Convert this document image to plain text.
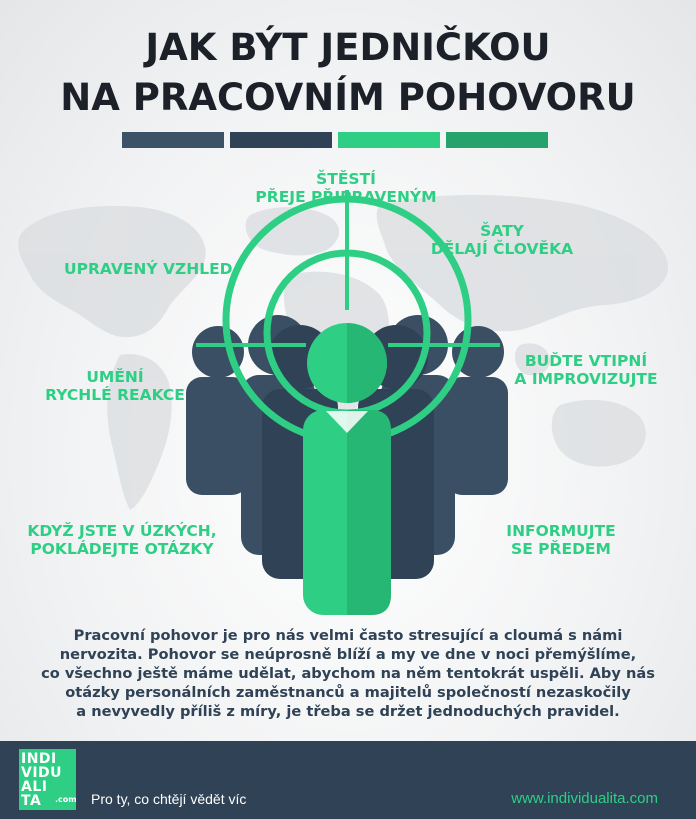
JAK BÝT JEDNIČKOU
NA PRACOVNÍM POHOVORU
ŠTĚSTÍ
PŘEJE PŘIPRAVENÝM
ŠATY
DĚLAJÍ ČLOVĚKA
UPRAVENÝ VZHLED
UMĚNÍ
RYCHLÉ REAKCE
BUĎTE VTIPNÍ
A IMPROVIZUJTE
KDYŽ JSTE V ÚZKÝCH,
POKLÁDEJTE OTÁZKY
INFORMUJTE
SE PŘEDEM
Pracovní pohovor je pro nás velmi často stresující a cloumá s námi
nervozita. Pohovor se neúprosně blíží a my ve dne v noci přemýšlíme,
co všechno ještě máme udělat, abychom na něm tentokrát uspěli. Aby nás
otázky personálních zaměstnanců a majitelů společností nezaskočily
a nevyvedly příliš z míry, je třeba se držet jednoduchých pravidel.
INDI
VIDU
ALI
TA .com Pro ty, co chtějí vědět víc	www.individualita.com
